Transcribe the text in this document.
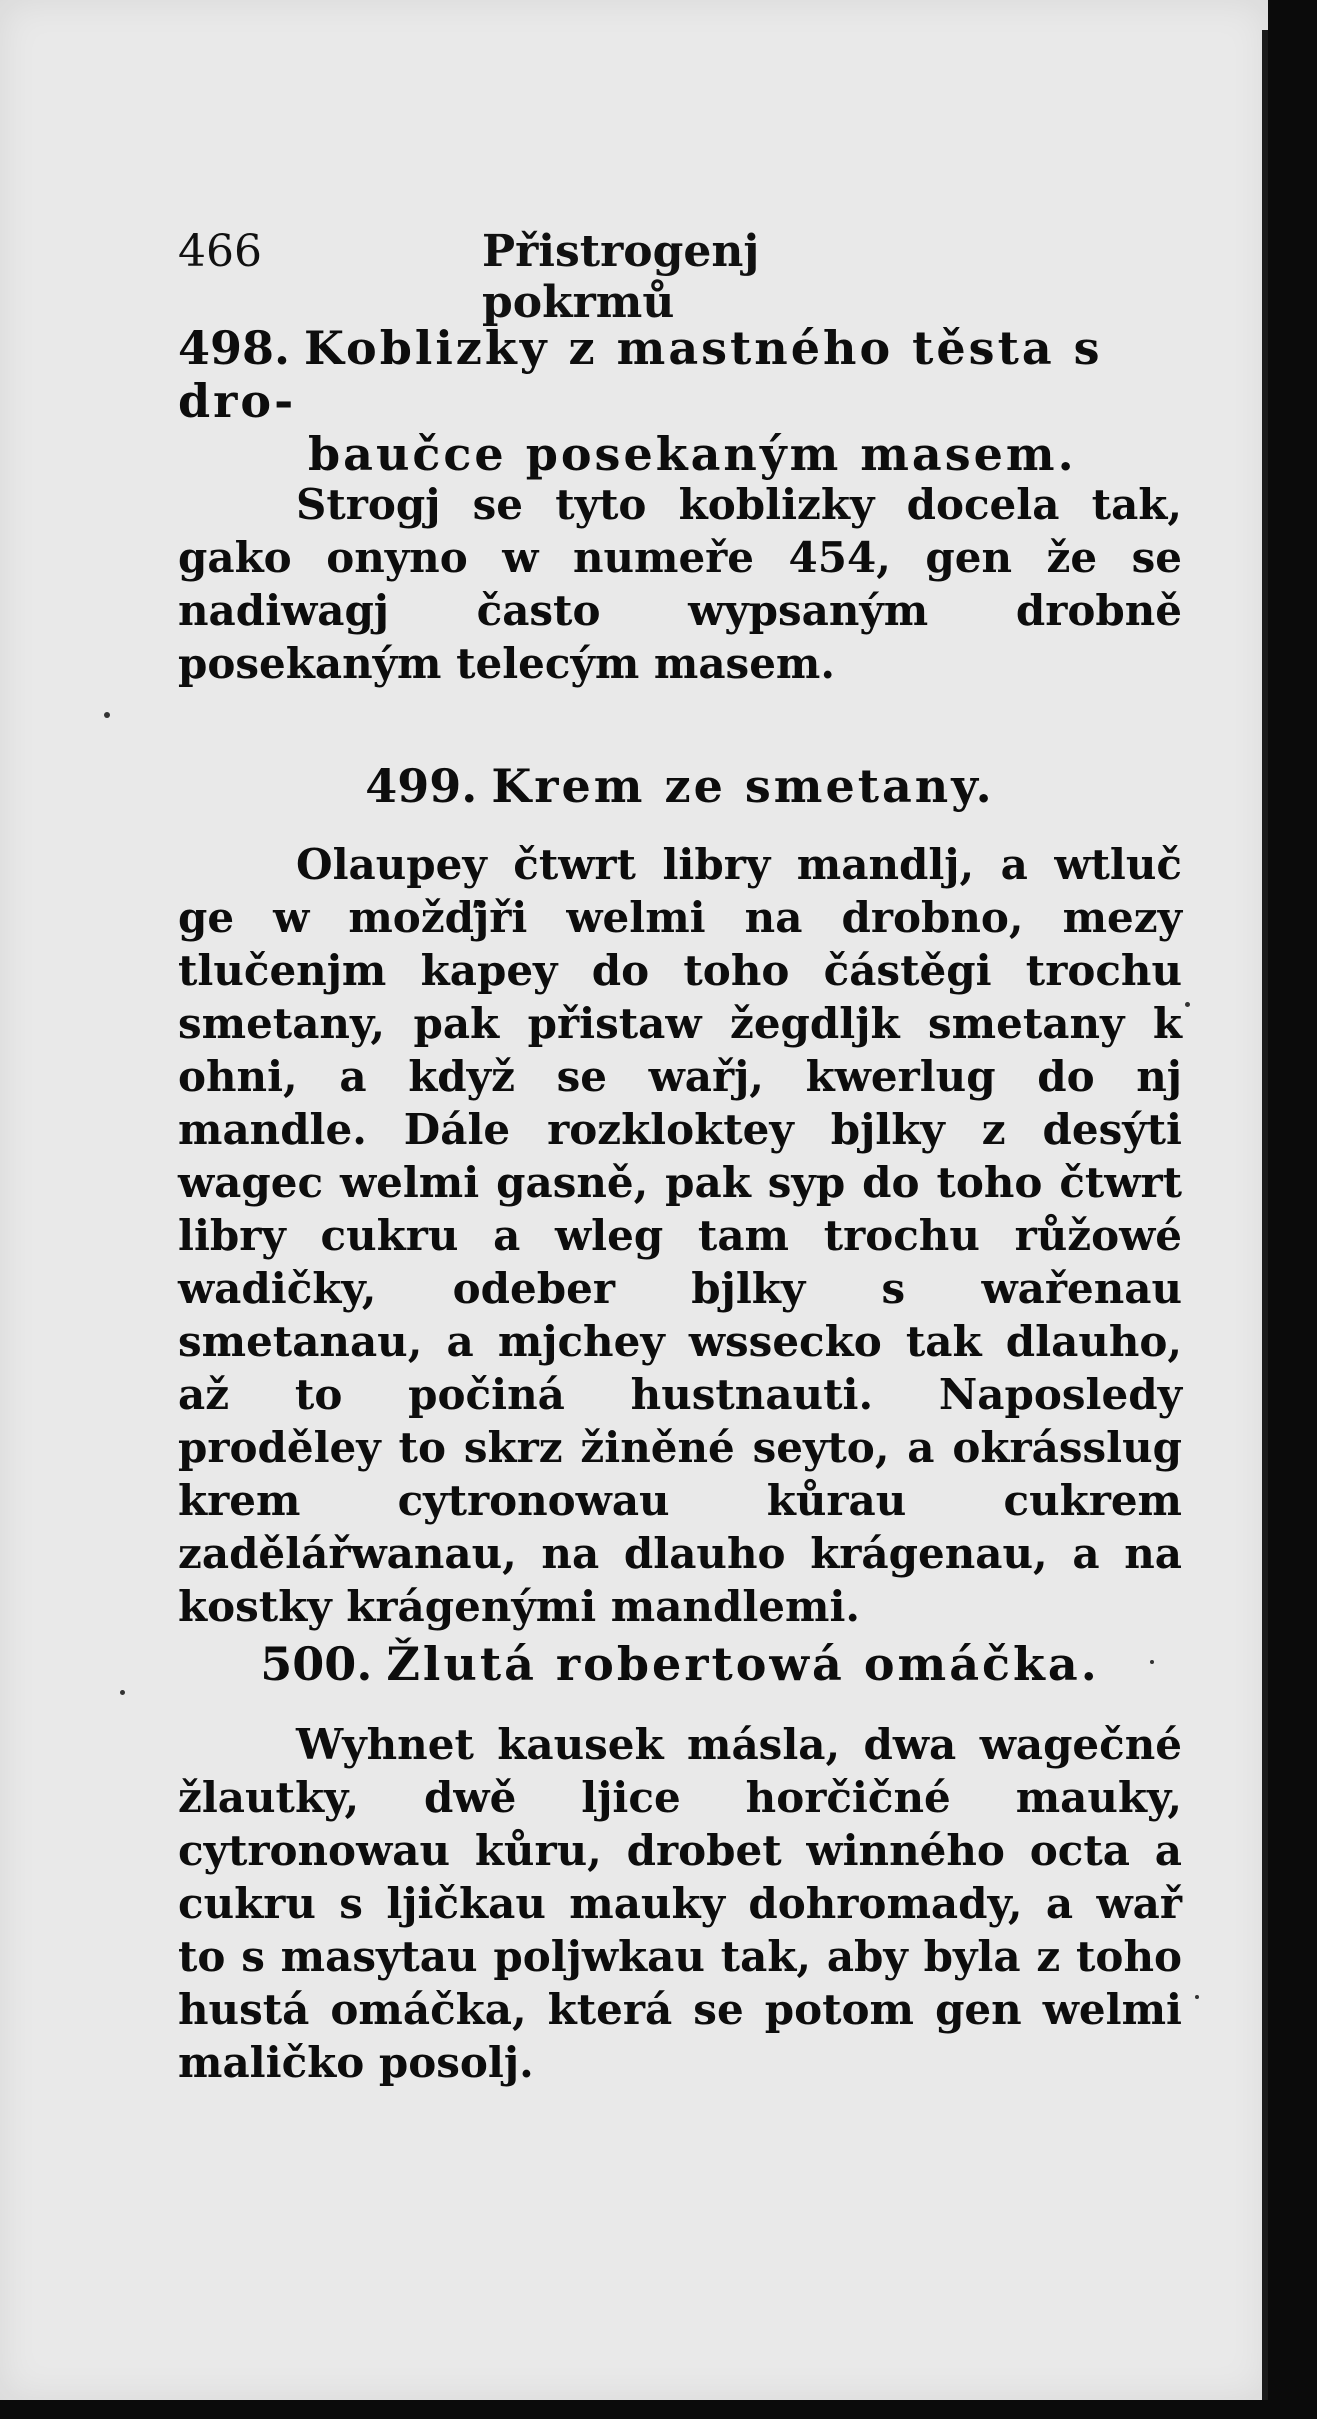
466	Přistrogenj pokrmů
498. Koblizky z mastného těsta s dro-
baučce posekaným masem.
Strogj se tyto koblizky docela tak, gako onyno w numeře 454, gen že se nadiwagj často wypsaným drobně posekaným telecým masem.
499. Krem ze smetany.
Olaupey čtwrt libry mandlj, a wtluč ge w možďjři welmi na drobno, mezy tlučenjm kapey do toho částěgi trochu smetany, pak přistaw žegdljk smetany k ohni, a když se wařj, kwerlug do nj mandle. Dále rozkloktey bjlky z desýti wagec welmi gasně, pak syp do toho čtwrt libry cukru a wleg tam trochu růžowé wadičky, odeber bjlky s wařenau smetanau, a mjchey wssecko tak dlauho, až to počiná hustnauti. Naposledy proděley to skrz žiněné seyto, a okrásslug krem cytronowau kůrau cukrem zadělářwanau, na dlauho krágenau, a na kostky krágenými mandlemi.
500. Žlutá robertowá omáčka.
Wyhnet kausek másla, dwa wagečné žlautky, dwě ljice horčičné mauky, cytronowau kůru, drobet winného octa a cukru s ljičkau mauky dohromady, a wař to s masytau poljwkau tak, aby byla z toho hustá omáčka, která se potom gen welmi maličko posolj.
